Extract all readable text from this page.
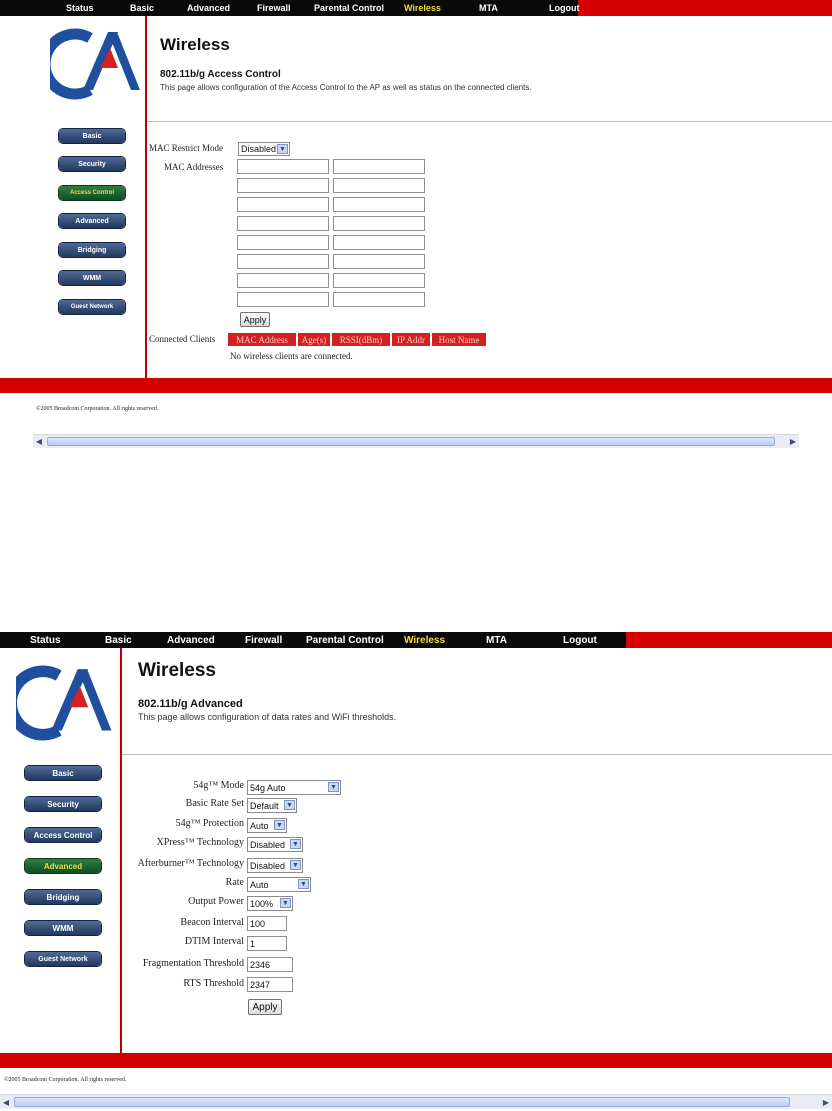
Status	Basic	Advanced	Firewall	Parental Control Wireless	MTA	Logout
Wireless
802.11b/g Access Control
This page allows configuration of the Access Control to the AP as well as status on the connected clients.
Basic
Security
Access Control
Advanced
Bridging
WMM
Guest Network
MAC Restrict Mode Disabled ▼
MAC Addresses
Apply
Connected Clients	MAC Address	Age(s)	RSSI(dBm)	IP Addr	Host Name
No wireless clients are connected.
©2005 Broadcom Corporation. All rights reserved.
◀	▶
Status	Basic	Advanced	Firewall Parental Control Wireless	MTA	Logout
Wireless
802.11b/g Advanced
This page allows configuration of data rates and WiFi thresholds.
Basic
Security
Access Control
Advanced
Bridging
WMM
Guest Network
54g™ Mode 54g Auto	▼
Basic Rate Set Default ▼
54g™ Protection Auto ▼
XPress™ Technology Disabled ▼
Afterburner™ Technology Disabled ▼
Rate Auto	▼
Output Power 100% ▼
Beacon Interval 100
DTIM Interval 1
Fragmentation Threshold 2346
RTS Threshold 2347
Apply
©2005 Broadcom Corporation. All rights reserved.
◀	▶
